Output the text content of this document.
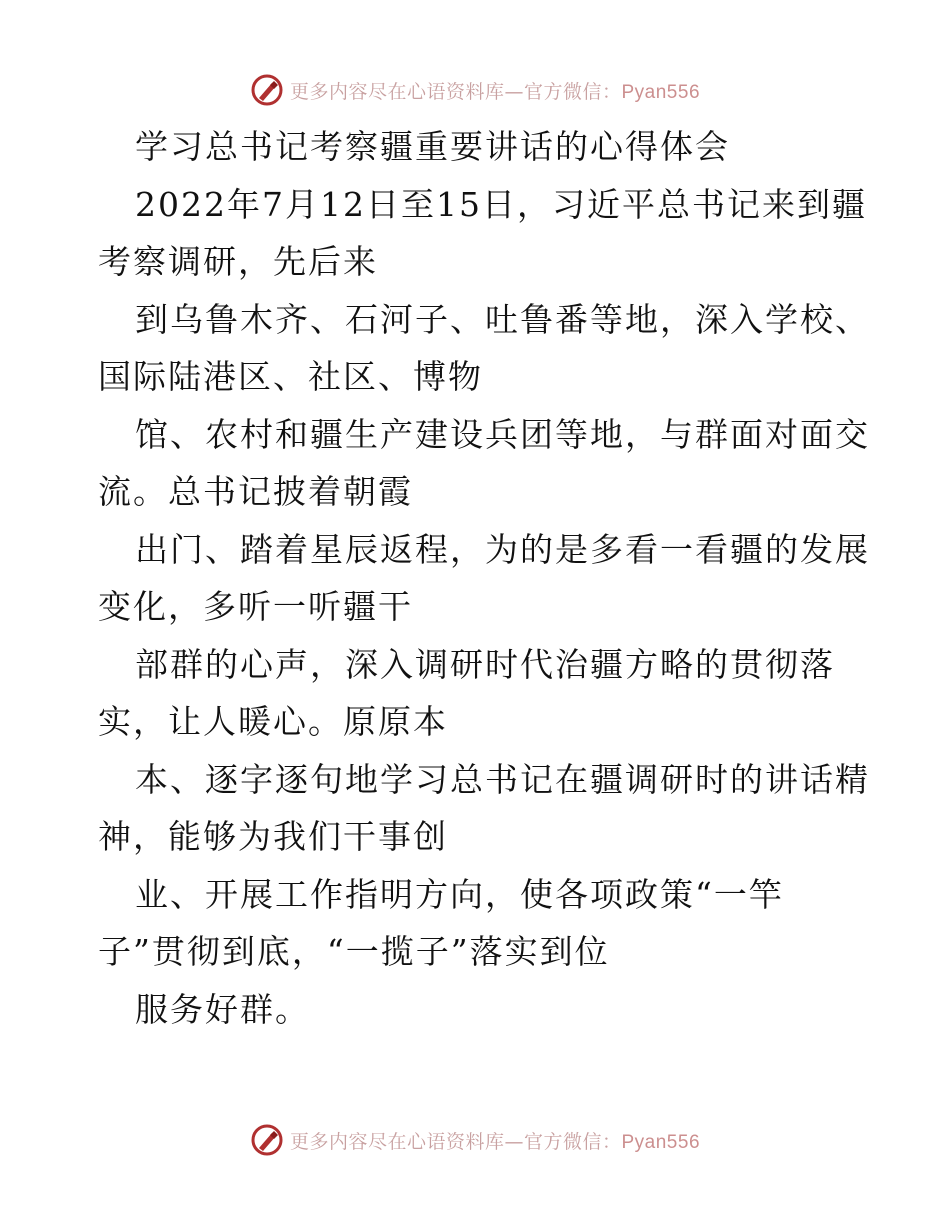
更多内容尽在心语资料库—官方微信：Pyan556
学习总书记考察疆重要讲话的心得体会
2022年7月12日至15日，习近平总书记来到疆
考察调研，先后来
到乌鲁木齐、石河子、吐鲁番等地，深入学校、
国际陆港区、社区、博物
馆、农村和疆生产建设兵团等地，与群面对面交
流。总书记披着朝霞
出门、踏着星辰返程，为的是多看一看疆的发展
变化，多听一听疆干
部群的心声，深入调研时代治疆方略的贯彻落
实，让人暖心。原原本
本、逐字逐句地学习总书记在疆调研时的讲话精
神，能够为我们干事创
业、开展工作指明方向，使各项政策“一竿
子”贯彻到底，“一揽子”落实到位
服务好群。
更多内容尽在心语资料库—官方微信：Pyan556
